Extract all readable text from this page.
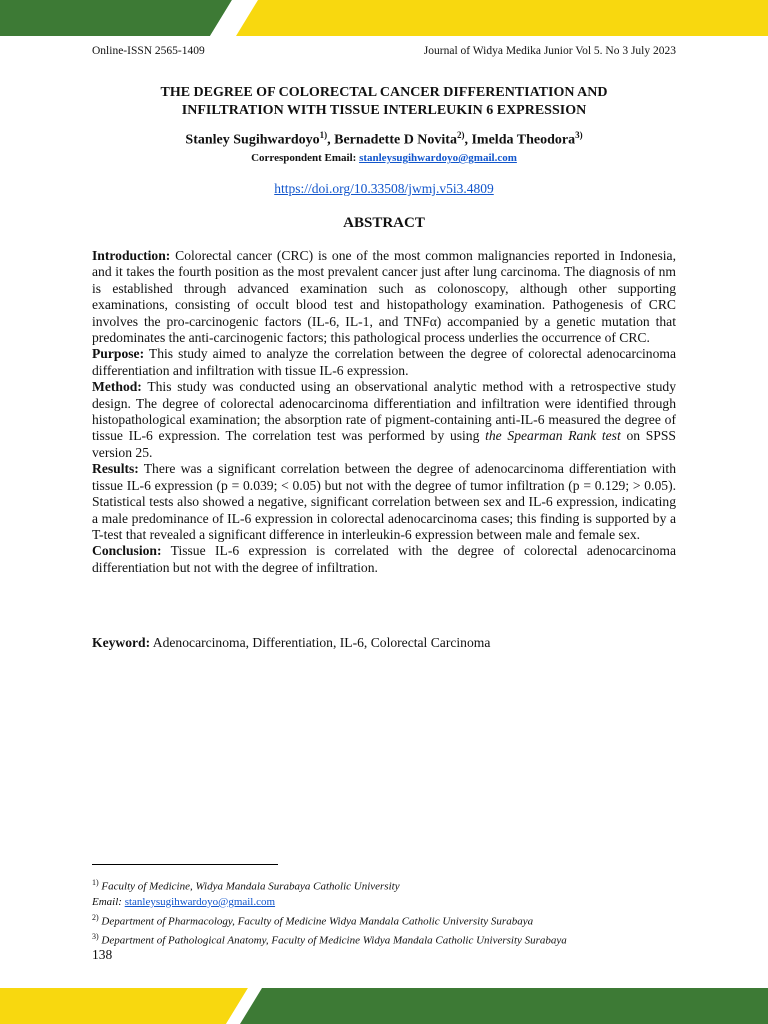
Online-ISSN 2565-1409	Journal of Widya Medika Junior Vol 5. No 3 July 2023
THE DEGREE OF COLORECTAL CANCER DIFFERENTIATION AND
INFILTRATION WITH TISSUE INTERLEUKIN 6 EXPRESSION
Stanley Sugihwardoyo$^{1)}$, Bernadette D Novita$^{2)}$, Imelda Theodora$^{3)}$
Correspondent Email: stanleysugihwardoyo@gmail.com
https://doi.org/10.33508/jwmj.v5i3.4809
ABSTRACT

Introduction: Colorectal cancer (CRC) is one of the most common malignancies reported in Indonesia, and it takes the fourth position as the most prevalent cancer just after lung carcinoma. The diagnosis of nm is established through advanced examination such as colonoscopy, although other supporting examinations, consisting of occult blood test and histopathology examination. Pathogenesis of CRC involves the pro-carcinogenic factors (IL-6, IL-1, and TNFα) accompanied by a genetic mutation that predominates the anti-carcinogenic factors; this pathological process underlies the occurrence of CRC.

Purpose: This study aimed to analyze the correlation between the degree of colorectal adenocarcinoma differentiation and infiltration with tissue IL-6 expression.

Method: This study was conducted using an observational analytic method with a retrospective study design. The degree of colorectal adenocarcinoma differentiation and infiltration were identified through histopathological examination; the absorption rate of pigment-containing anti-IL-6 measured the degree of tissue IL-6 expression. The correlation test was performed by using the Spearman Rank test on SPSS version 25.

Results: There was a significant correlation between the degree of adenocarcinoma differentiation with tissue IL-6 expression (p = 0.039; < 0.05) but not with the degree of tumor infiltration (p = 0.129; > 0.05). Statistical tests also showed a negative, significant correlation between sex and IL-6 expression, indicating a male predominance of IL-6 expression in colorectal adenocarcinoma cases; this finding is supported by a T-test that revealed a significant difference in interleukin-6 expression between male and female sex.

Conclusion: Tissue IL-6 expression is correlated with the degree of colorectal adenocarcinoma differentiation but not with the degree of infiltration.

Keyword: Adenocarcinoma, Differentiation, IL-6, Colorectal Carcinoma
$^{1)}$ Faculty of Medicine, Widya Mandala Surabaya Catholic University
Email: stanleysugihwardoyo@gmail.com
$^{2)}$ Department of Pharmacology, Faculty of Medicine Widya Mandala Catholic University Surabaya
$^{3)}$ Department of Pathological Anatomy, Faculty of Medicine Widya Mandala Catholic University Surabaya
138
